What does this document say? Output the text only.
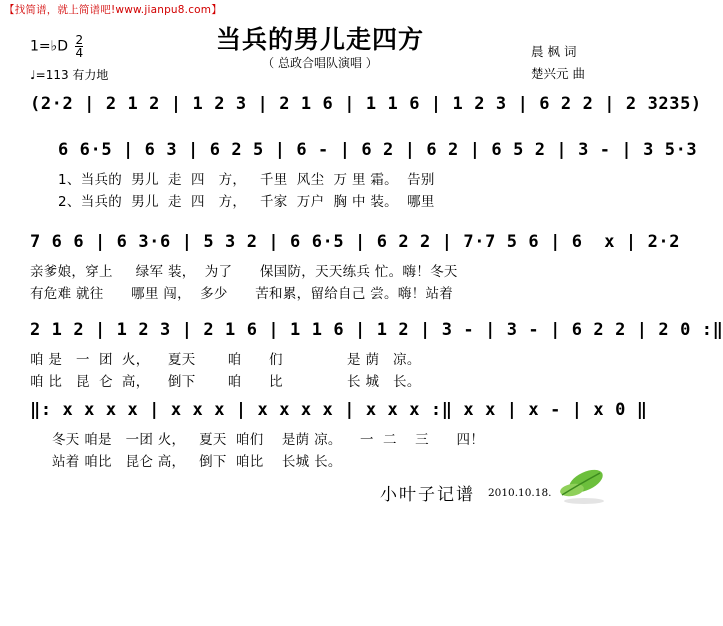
【找简谱，就上简谱吧!www.jianpu8.com】
当兵的男儿走四方
（ 总政合唱队演唱 ）
1=♭D $\frac{2}{4}$
♩=113 有力地
晨 枫 词
楚兴元 曲
(2·2 | 2 1 2 | 1 2 3 | 2 1 6 | 1 1 6 | 1 2 3 | 6 2 2 | 2 3235)
6 6·5 | 6 3 | 6 2 5 | 6 - | 6 2 | 6 2 | 6 5 2 | 3 - | 3 5·3
1、当兵的  男儿  走  四   方，   千里  风尘  万 里 霜。  告别
2、当兵的  男儿  走  四   方，   千家  万户  胸 中 装。  哪里
7 6 6 | 6 3·6 | 5 3 2 | 6 6·5 | 6 2 2 | 7·7 5 6 | 6  x | 2·2
亲爹娘，穿上     绿军 装，  为了      保国防，天天练兵 忙。嗨！冬天
有危难 就往      哪里 闯，  多少      苦和累，留给自己 尝。嗨！站着
2 1 2 | 1 2 3 | 2 1 6 | 1 1 6 | 1 2 | 3 - | 3 - | 6 2 2 | 2 0 :‖
咱 是   一  团  火，    夏天       咱      们              是 荫   凉。
咱 比   昆  仑  高，    倒下       咱      比              长 城   长。
‖: x x x x | x x x | x x x x | x x x :‖ x x | x - | x 0 ‖
冬天 咱是   一团 火，   夏天  咱们    是荫 凉。    一  二    三      四！
站着 咱比   昆仑 高，   倒下  咱比    长城 长。
小叶子记谱 2010.10.18.
